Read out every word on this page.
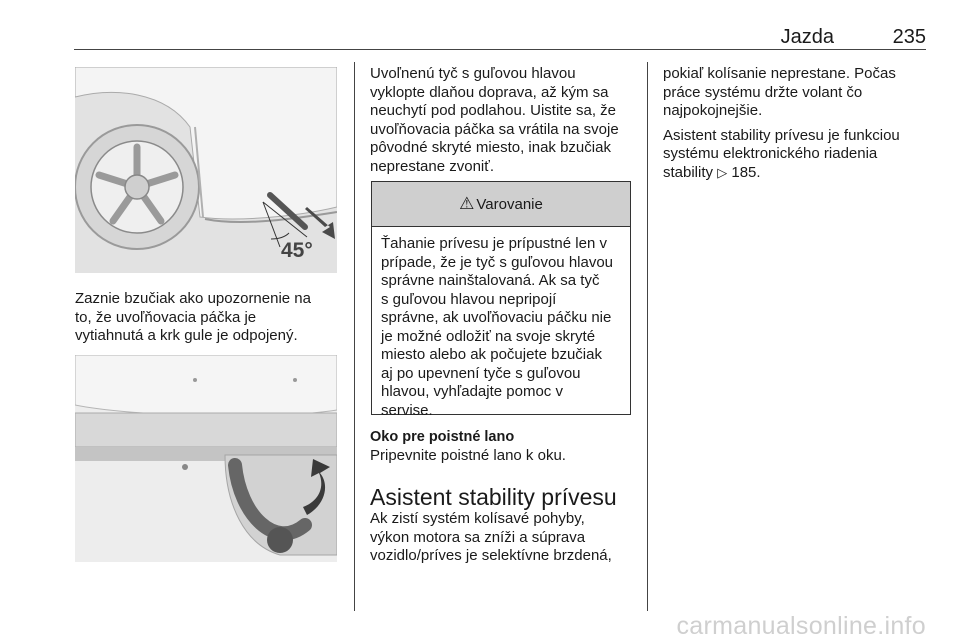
Jazda	235
45°

Zaznie bzučiak ako upozornenie na

to, že uvoľňovacia páčka je

vytiahnutá a krk gule je odpojený.

Uvoľnenú tyč s guľovou hlavou

vyklopte dlaňou doprava, až kým sa

neuchytí pod podlahou. Uistite sa, že

uvoľňovacia páčka sa vrátila na svoje

pôvodné skryté miesto, inak bzučiak

neprestane zvoniť.

⚠ Varovanie
Ťahanie prívesu je prípustné len v
prípade, že je tyč s guľovou hlavou
správne nainštalovaná. Ak sa tyč
s guľovou hlavou nepripojí
správne, ak uvoľňovaciu páčku nie
je možné odložiť na svoje skryté
miesto alebo ak počujete bzučiak
aj po upevnení tyče s guľovou
hlavou, vyhľadajte pomoc v
servise.

Oko pre poistné lano

Pripevnite poistné lano k oku.

Asistent stability prívesu

Ak zistí systém kolísavé pohyby,

výkon motora sa zníži a súprava

vozidlo/príves je selektívne brzdená,

pokiaľ kolísanie neprestane. Počas

práce systému držte volant čo

najpokojnejšie.

Asistent stability prívesu je funkciou

systému elektronického riadenia

stability ▷ 185.

carmanualsonline.info
